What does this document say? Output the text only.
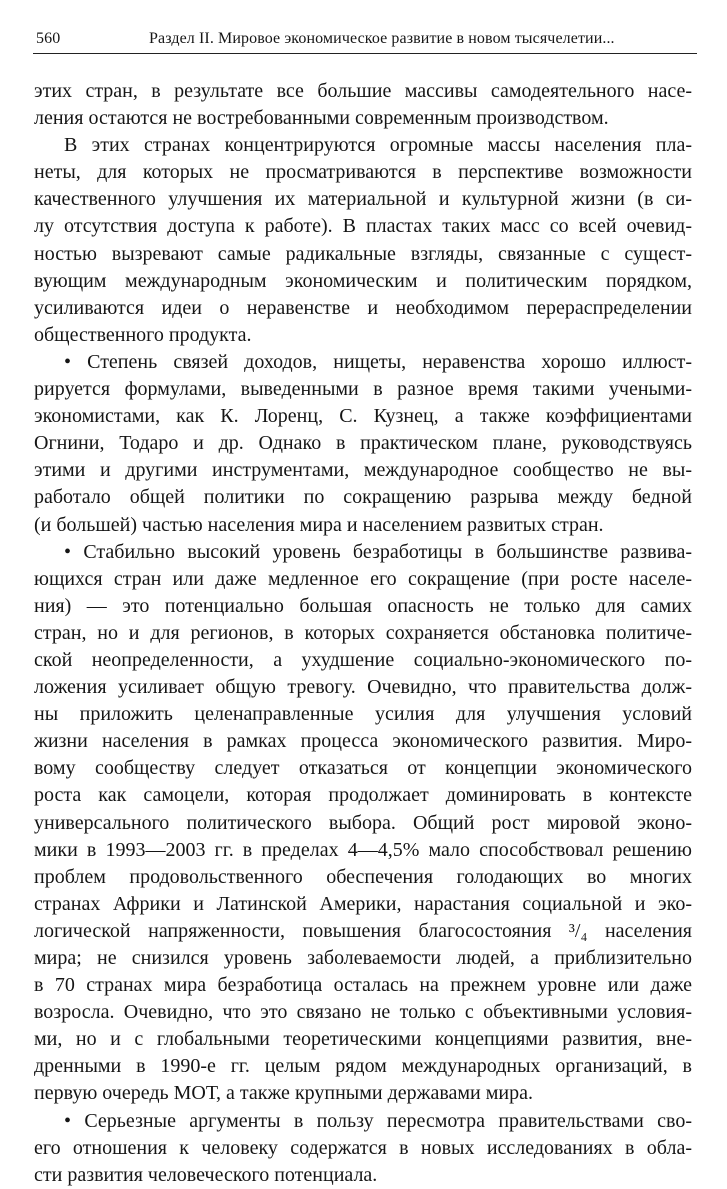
560	Раздел II. Мировое экономическое развитие в новом тысячелетии...
этих стран, в результате все большие массивы самодеятельного насе-
ления остаются не востребованными современным производством.
В этих странах концентрируются огромные массы населения пла-
неты, для которых не просматриваются в перспективе возможности
качественного улучшения их материальной и культурной жизни (в си-
лу отсутствия доступа к работе). В пластах таких масс со всей очевид-
ностью вызревают самые радикальные взгляды, связанные с сущест-
вующим международным экономическим и политическим порядком,
усиливаются идеи о неравенстве и необходимом перераспределении
общественного продукта.
• Степень связей доходов, нищеты, неравенства хорошо иллюст-
рируется формулами, выведенными в разное время такими учеными-
экономистами, как К. Лоренц, С. Кузнец, а также коэффициентами
Огнини, Тодаро и др. Однако в практическом плане, руководствуясь
этими и другими инструментами, международное сообщество не вы-
работало общей политики по сокращению разрыва между бедной
(и большей) частью населения мира и населением развитых стран.
• Стабильно высокий уровень безработицы в большинстве развива-
ющихся стран или даже медленное его сокращение (при росте населе-
ния) — это потенциально большая опасность не только для самих
стран, но и для регионов, в которых сохраняется обстановка политиче-
ской неопределенности, а ухудшение социально-экономического по-
ложения усиливает общую тревогу. Очевидно, что правительства долж-
ны приложить целенаправленные усилия для улучшения условий
жизни населения в рамках процесса экономического развития. Миро-
вому сообществу следует отказаться от концепции экономического
роста как самоцели, которая продолжает доминировать в контексте
универсального политического выбора. Общий рост мировой эконо-
мики в 1993—2003 гг. в пределах 4—4,5% мало способствовал решению
проблем продовольственного обеспечения голодающих во многих
странах Африки и Латинской Америки, нарастания социальной и эко-
логической напряженности, повышения благосостояния ³/₄ населения
мира; не снизился уровень заболеваемости людей, а приблизительно
в 70 странах мира безработица осталась на прежнем уровне или даже
возросла. Очевидно, что это связано не только с объективными условия-
ми, но и с глобальными теоретическими концепциями развития, вне-
дренными в 1990-е гг. целым рядом международных организаций, в
первую очередь МОТ, а также крупными державами мира.
• Серьезные аргументы в пользу пересмотра правительствами сво-
его отношения к человеку содержатся в новых исследованиях в обла-
сти развития человеческого потенциала.
